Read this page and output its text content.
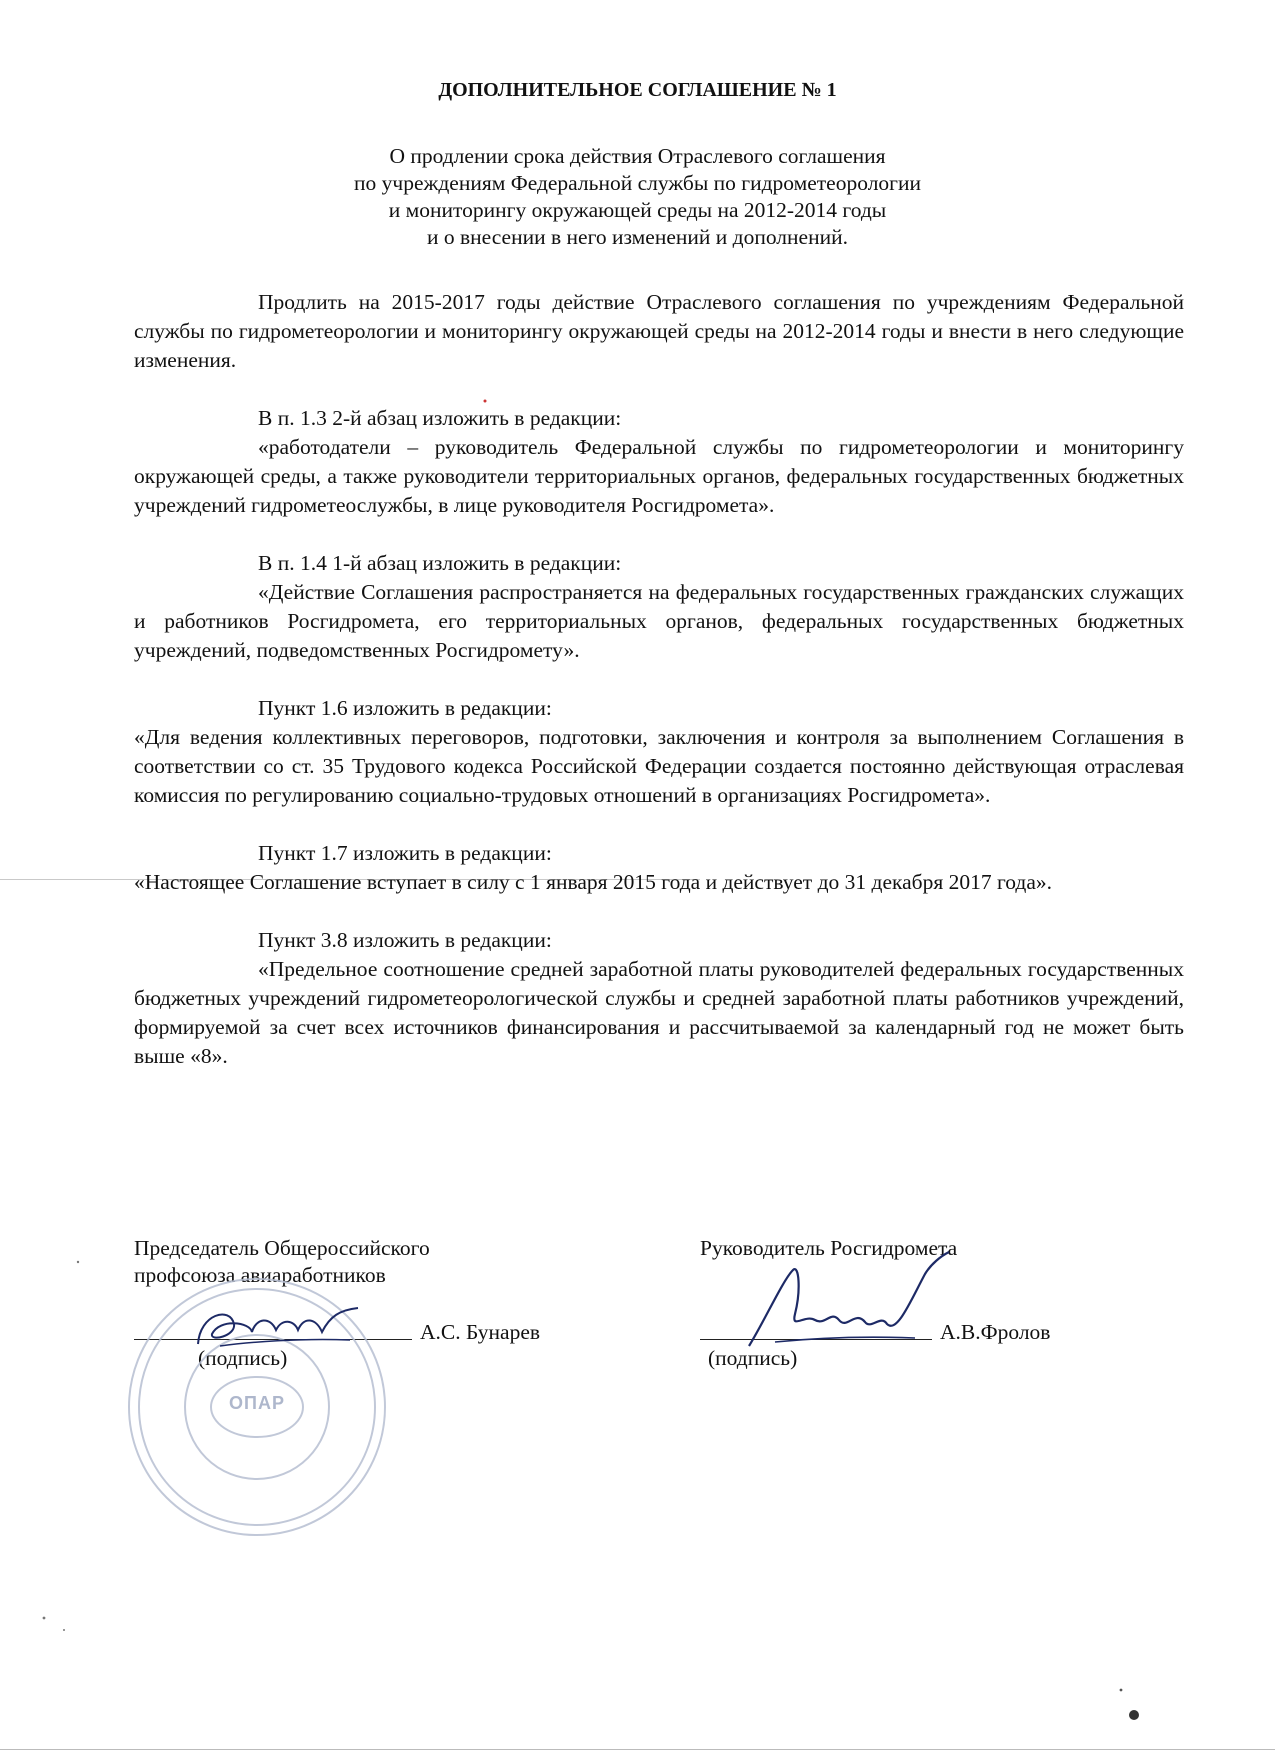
ДОПОЛНИТЕЛЬНОЕ СОГЛАШЕНИЕ № 1
О продлении срока действия Отраслевого соглашения
по учреждениям Федеральной службы по гидрометеорологии
и мониторингу окружающей среды на 2012-2014 годы
и о внесении в него изменений и дополнений.

Продлить на 2015-2017 годы действие Отраслевого соглашения по учреждениям Федеральной службы по гидрометеорологии и мониторингу окружающей среды на 2012-2014 годы и внести в него следующие изменения.

В п. 1.3 2-й абзац изложить в редакции:

«работодатели – руководитель Федеральной службы по гидрометеорологии и мониторингу окружающей среды, а также руководители территориальных органов, федеральных государственных бюджетных учреждений гидрометеослужбы, в лице руководителя Росгидромета».

В п. 1.4 1-й абзац изложить в редакции:

«Действие Соглашения распространяется на федеральных государственных гражданских служащих и работников Росгидромета, его территориальных органов, федеральных государственных бюджетных учреждений, подведомственных Росгидромету».

Пункт 1.6 изложить в редакции:

«Для ведения коллективных переговоров, подготовки, заключения и контроля за выполнением Соглашения в соответствии со ст. 35 Трудового кодекса Российской Федерации создается постоянно действующая отраслевая комиссия по регулированию социально-трудовых отношений в организациях Росгидромета».

Пункт 1.7 изложить в редакции:

«Настоящее Соглашение вступает в силу с 1 января 2015 года и действует до 31 декабря 2017 года».

Пункт 3.8 изложить в редакции:

«Предельное соотношение средней заработной платы руководителей федеральных государственных бюджетных учреждений гидрометеорологической службы и средней заработной платы работников учреждений, формируемой за счет всех источников финансирования и рассчитываемой за календарный год не может быть выше «8».

Председатель Общероссийского
профсоюза авиаработников
А.С. Бунарев
(подпись)
ОПАР
Руководитель Росгидромета
А.В.Фролов
(подпись)
